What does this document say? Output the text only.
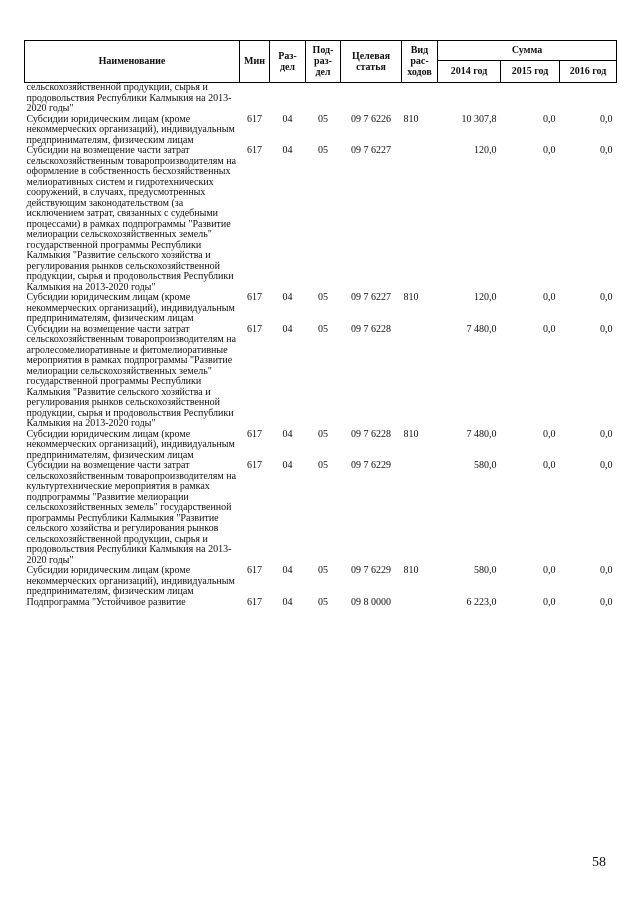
Наименование	Мин	Раз-дел	Под-раз-дел	Целевая статья	Вид рас-ходов	Сумма		
						2014 год	2015 год	2016 год
сельскохозяйственной продукции, сырья и продовольствия Республики Калмыкия на 2013-2020 годы"								
Субсидии юридическим лицам (кроме некоммерческих организаций), индивидуальным предпринимателям, физическим лицам	617	04	05	09 7 6226	810	10 307,8	0,0	0,0
Субсидии на возмещение части затрат сельскохозяйственным товаропроизводителям на оформление в собственность бесхозяйственных мелиоративных систем и гидротехнических сооружений, в случаях, предусмотренных действующим законодательством (за исключением затрат, связанных с судебными процессами) в рамках подпрограммы "Развитие мелиорации сельскохозяйственных земель" государственной программы Республики Калмыкия "Развитие сельского хозяйства и регулирования рынков сельскохозяйственной продукции, сырья и продовольствия Республики Калмыкия на 2013-2020 годы"	617	04	05	09 7 6227		120,0	0,0	0,0
Субсидии юридическим лицам (кроме некоммерческих организаций), индивидуальным предпринимателям, физическим лицам	617	04	05	09 7 6227	810	120,0	0,0	0,0
Субсидии на возмещение части затрат сельскохозяйственным товаропроизводителям на агролесомелиоративные и фитомелиоративные мероприятия в рамках подпрограммы "Развитие мелиорации сельскохозяйственных земель" государственной программы Республики Калмыкия "Развитие сельского хозяйства и регулирования рынков сельскохозяйственной продукции, сырья и продовольствия Республики Калмыкия на 2013-2020 годы"	617	04	05	09 7 6228		7 480,0	0,0	0,0
Субсидии юридическим лицам (кроме некоммерческих организаций), индивидуальным предпринимателям, физическим лицам	617	04	05	09 7 6228	810	7 480,0	0,0	0,0
Субсидии на возмещение части затрат сельскохозяйственным товаропроизводителям на культуртехнические мероприятия в рамках подпрограммы "Развитие мелиорации сельскохозяйственных земель" государственной программы Республики Калмыкия "Развитие сельского хозяйства и регулирования рынков сельскохозяйственной продукции, сырья и продовольствия Республики Калмыкия на 2013-2020 годы"	617	04	05	09 7 6229		580,0	0,0	0,0
Субсидии юридическим лицам (кроме некоммерческих организаций), индивидуальным предпринимателям, физическим лицам	617	04	05	09 7 6229	810	580,0	0,0	0,0
Подпрограмма "Устойчивое развитие	617	04	05	09 8 0000		6 223,0	0,0	0,0
58
